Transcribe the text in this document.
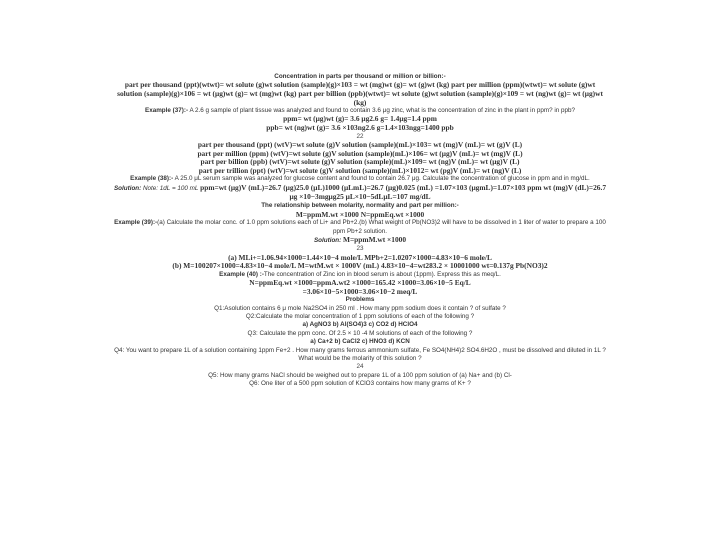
Concentration in parts per thousand or million or billion:-

part per thousand (ppt)(wtwt)= wt solute (g)wt solution (sample)(g)×103 = wt (mg)wt (g)= wt (g)wt (kg) part per million (ppm)(wtwt)= wt solute (g)wt solution (sample)(g)×106 = wt (μg)wt (g)= wt (mg)wt (kg) part per billion (ppb)(wtwt)= wt solute (g)wt solution (sample)(g)×109 = wt (ng)wt (g)= wt (μg)wt (kg)

Example (37):- A 2.6 g sample of plant tissue was analyzed and found to contain 3.6 μg zinc, what is the concentration of zinc in the plant in ppm? in ppb?

ppm= wt (μg)wt (g)= 3.6 μg2.6 g= 1.4μg=1.4 ppm

ppb= wt (ng)wt (g)= 3.6 ×103ng2.6 g=1.4×103ngg=1400 ppb

22

part per thousand (ppt) (wtV)=wt solute (g)V solution (sample)(mL)×103= wt (mg)V (mL)= wt (g)V (L)

part per million (ppm) (wtV)=wt solute (g)V solution (sample)(mL)×106= wt (μg)V (mL)= wt (mg)V (L)

part per billion (ppb) (wtV)=wt solute (g)V solution (sample)(mL)×109= wt (ng)V (mL)= wt (μg)V (L)

part per trillion (ppt) (wtV)=wt solute (g)V solution (sample)(mL)×1012= wt (pg)V (mL)= wt (ng)V (L)

Example (38):- A 25.0 μL serum sample was analyzed for glucose content and found to contain 26.7 μg. Calculate the concentration of glucose in ppm and in mg/dL.

Solution: Note: 1dL = 100 mL ppm=wt (μg)V (mL)=26.7 (μg)25.0 (μL)1000 (μLmL)=26.7 (μg)0.025 (mL) =1.07×103 (μgmL)=1.07×103 ppm wt (mg)V (dL)=26.7 μg ×10−3mgμg25 μL×10−5dLμL=107 mg/dL

The relationship between molarity, normality and part per million:-

M=ppmM.wt ×1000 N=ppmEq.wt ×1000

Example (39):-(a) Calculate the molar conc. of 1.0 ppm solutions each of Li+ and Pb+2.(b) What weight of Pb(NO3)2 will have to be dissolved in 1 liter of water to prepare a 100 ppm Pb+2 solution.

Solution: M=ppmM.wt ×1000

23

(a) MLi+=1.06.94×1000=1.44×10−4 mole/L MPb+2=1.0207×1000=4.83×10−6 mole/L

(b) M=100207×1000=4.83×10−4 mole/L M=wtM.wt × 1000V (mL) 4.83×10−4=wt283.2 × 10001000 wt=0.137g Pb(NO3)2

Example (40) :-The concentration of Zinc ion in blood serum is about (1ppm). Express this as meq/L.

N=ppmEq.wt ×1000=ppmA.wt2 ×1000=165.42 ×1000=3.06×10−5 Eq/L

=3.06×10−5×1000=3.06×10−2 meq/L

Problems

Q1:Asolution contains 6 μ mole Na2SO4 in 250 ml . How many ppm sodium does it contain ? of sulfate ?

Q2:Calculate the molar concentration of 1 ppm solutions of each of the following ?

a) AgNO3 b) Al(SO4)3 c) CO2 d) HClO4

Q3: Calculate the ppm conc. Of 2.5 × 10 -4 M solutions of each of the following ?

a) Ca+2 b) CaCl2 c) HNO3 d) KCN

Q4: You want to prepare 1L of a solution containing 1ppm Fe+2 . How many grams ferrous ammonium sulfate, Fe SO4(NH4)2 SO4.6H2O , must be dissolved and diluted in 1L ? What would be the molarity of this solution ?

24

Q5: How many grams NaCl should be weighed out to prepare 1L of a 100 ppm solution of (a) Na+ and (b) Cl-

Q6: One liter of a 500 ppm solution of KClO3 contains how many grams of K+ ?
